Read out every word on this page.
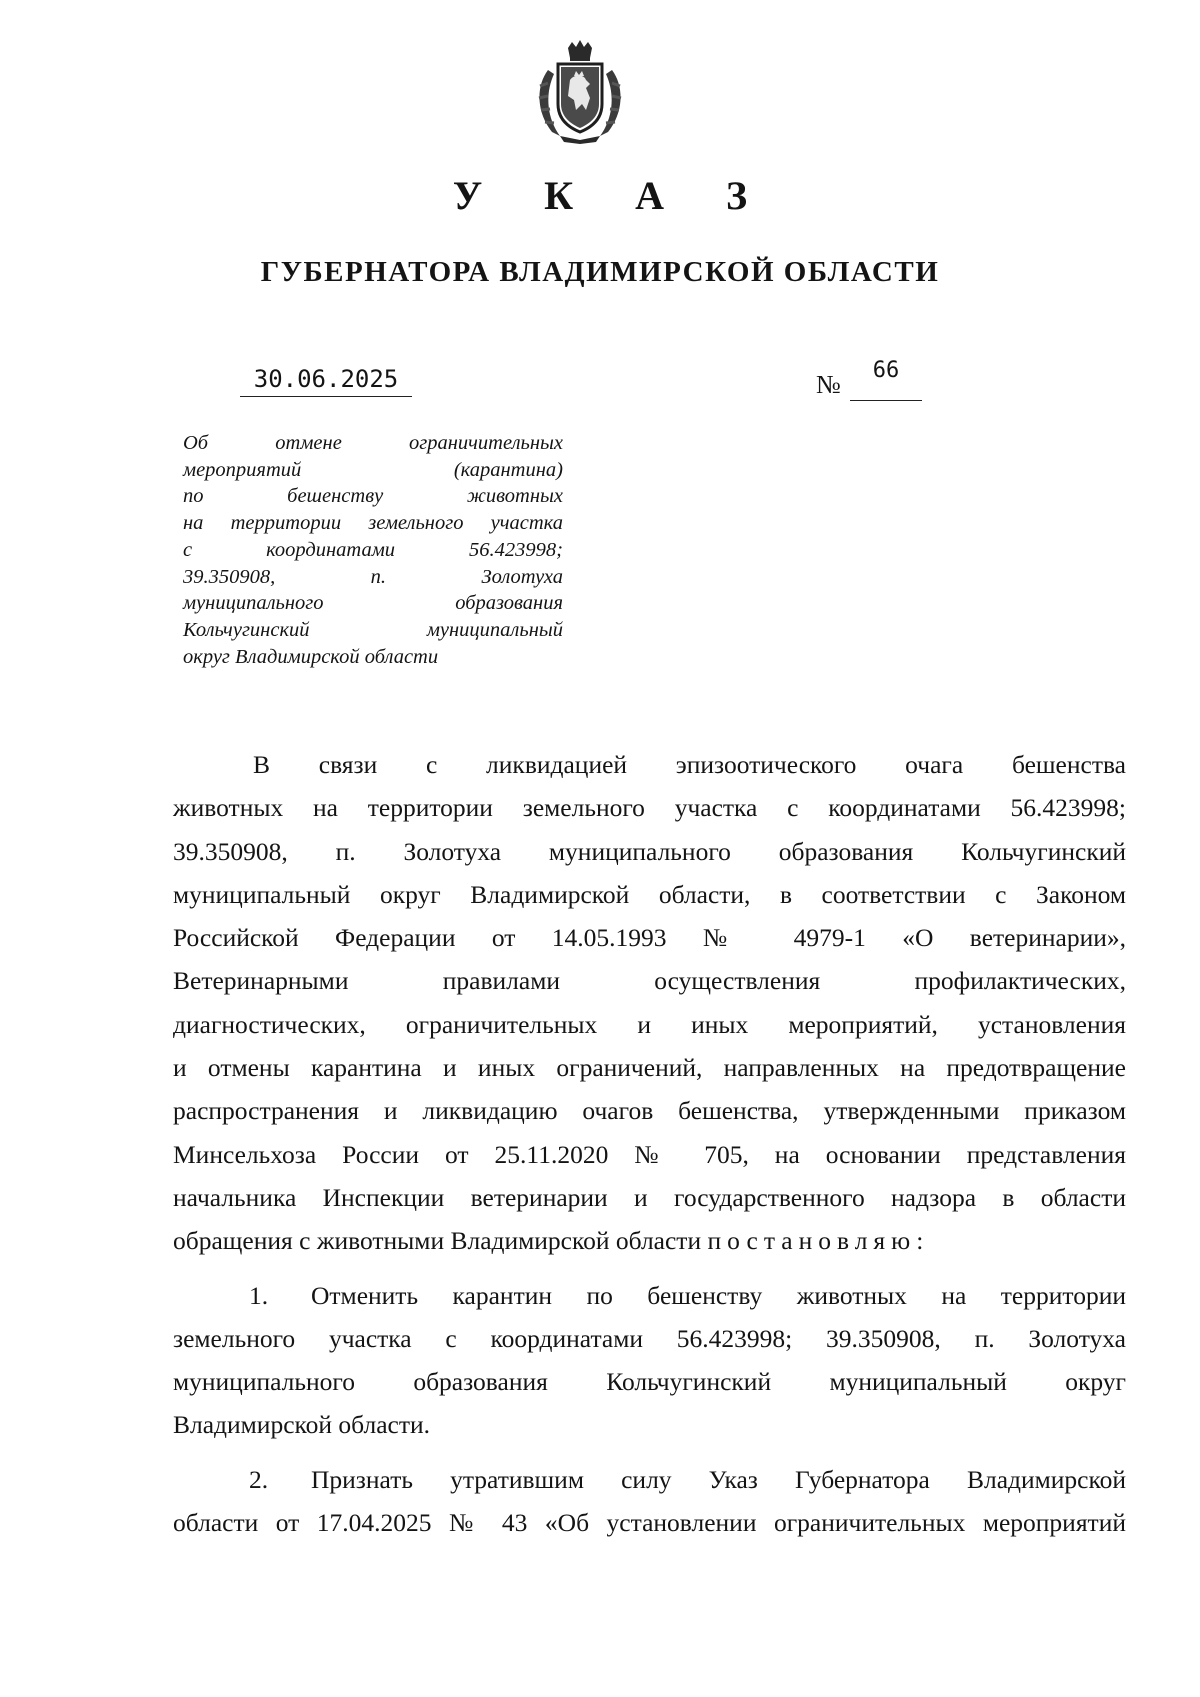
У К А З
ГУБЕРНАТОРА ВЛАДИМИРСКОЙ ОБЛАСТИ
30.06.2025	№	66
Об отмене ограничительных
мероприятий (карантина)
по бешенству животных
на территории земельного участка
с координатами 56.423998;
39.350908, п. Золотуха
муниципального образования
Кольчугинский муниципальный
округ Владимирской области
В связи с ликвидацией эпизоотического очага бешенства
животных на территории земельного участка с координатами 56.423998;
39.350908, п. Золотуха муниципального образования Кольчугинский
муниципальный округ Владимирской области, в соответствии с Законом
Российской Федерации от 14.05.1993 № 4979-1 «О ветеринарии»,
Ветеринарными правилами осуществления профилактических,
диагностических, ограничительных и иных мероприятий, установления
и отмены карантина и иных ограничений, направленных на предотвращение
распространения и ликвидацию очагов бешенства, утвержденными приказом
Минсельхоза России от 25.11.2020 № 705, на основании представления
начальника Инспекции ветеринарии и государственного надзора в области
обращения с животными Владимирской области постановляю:
1. Отменить карантин по бешенству животных на территории
земельного участка с координатами 56.423998; 39.350908, п. Золотуха
муниципального образования Кольчугинский муниципальный округ
Владимирской области.
2. Признать утратившим силу Указ Губернатора Владимирской
области от 17.04.2025 № 43 «Об установлении ограничительных мероприятий
